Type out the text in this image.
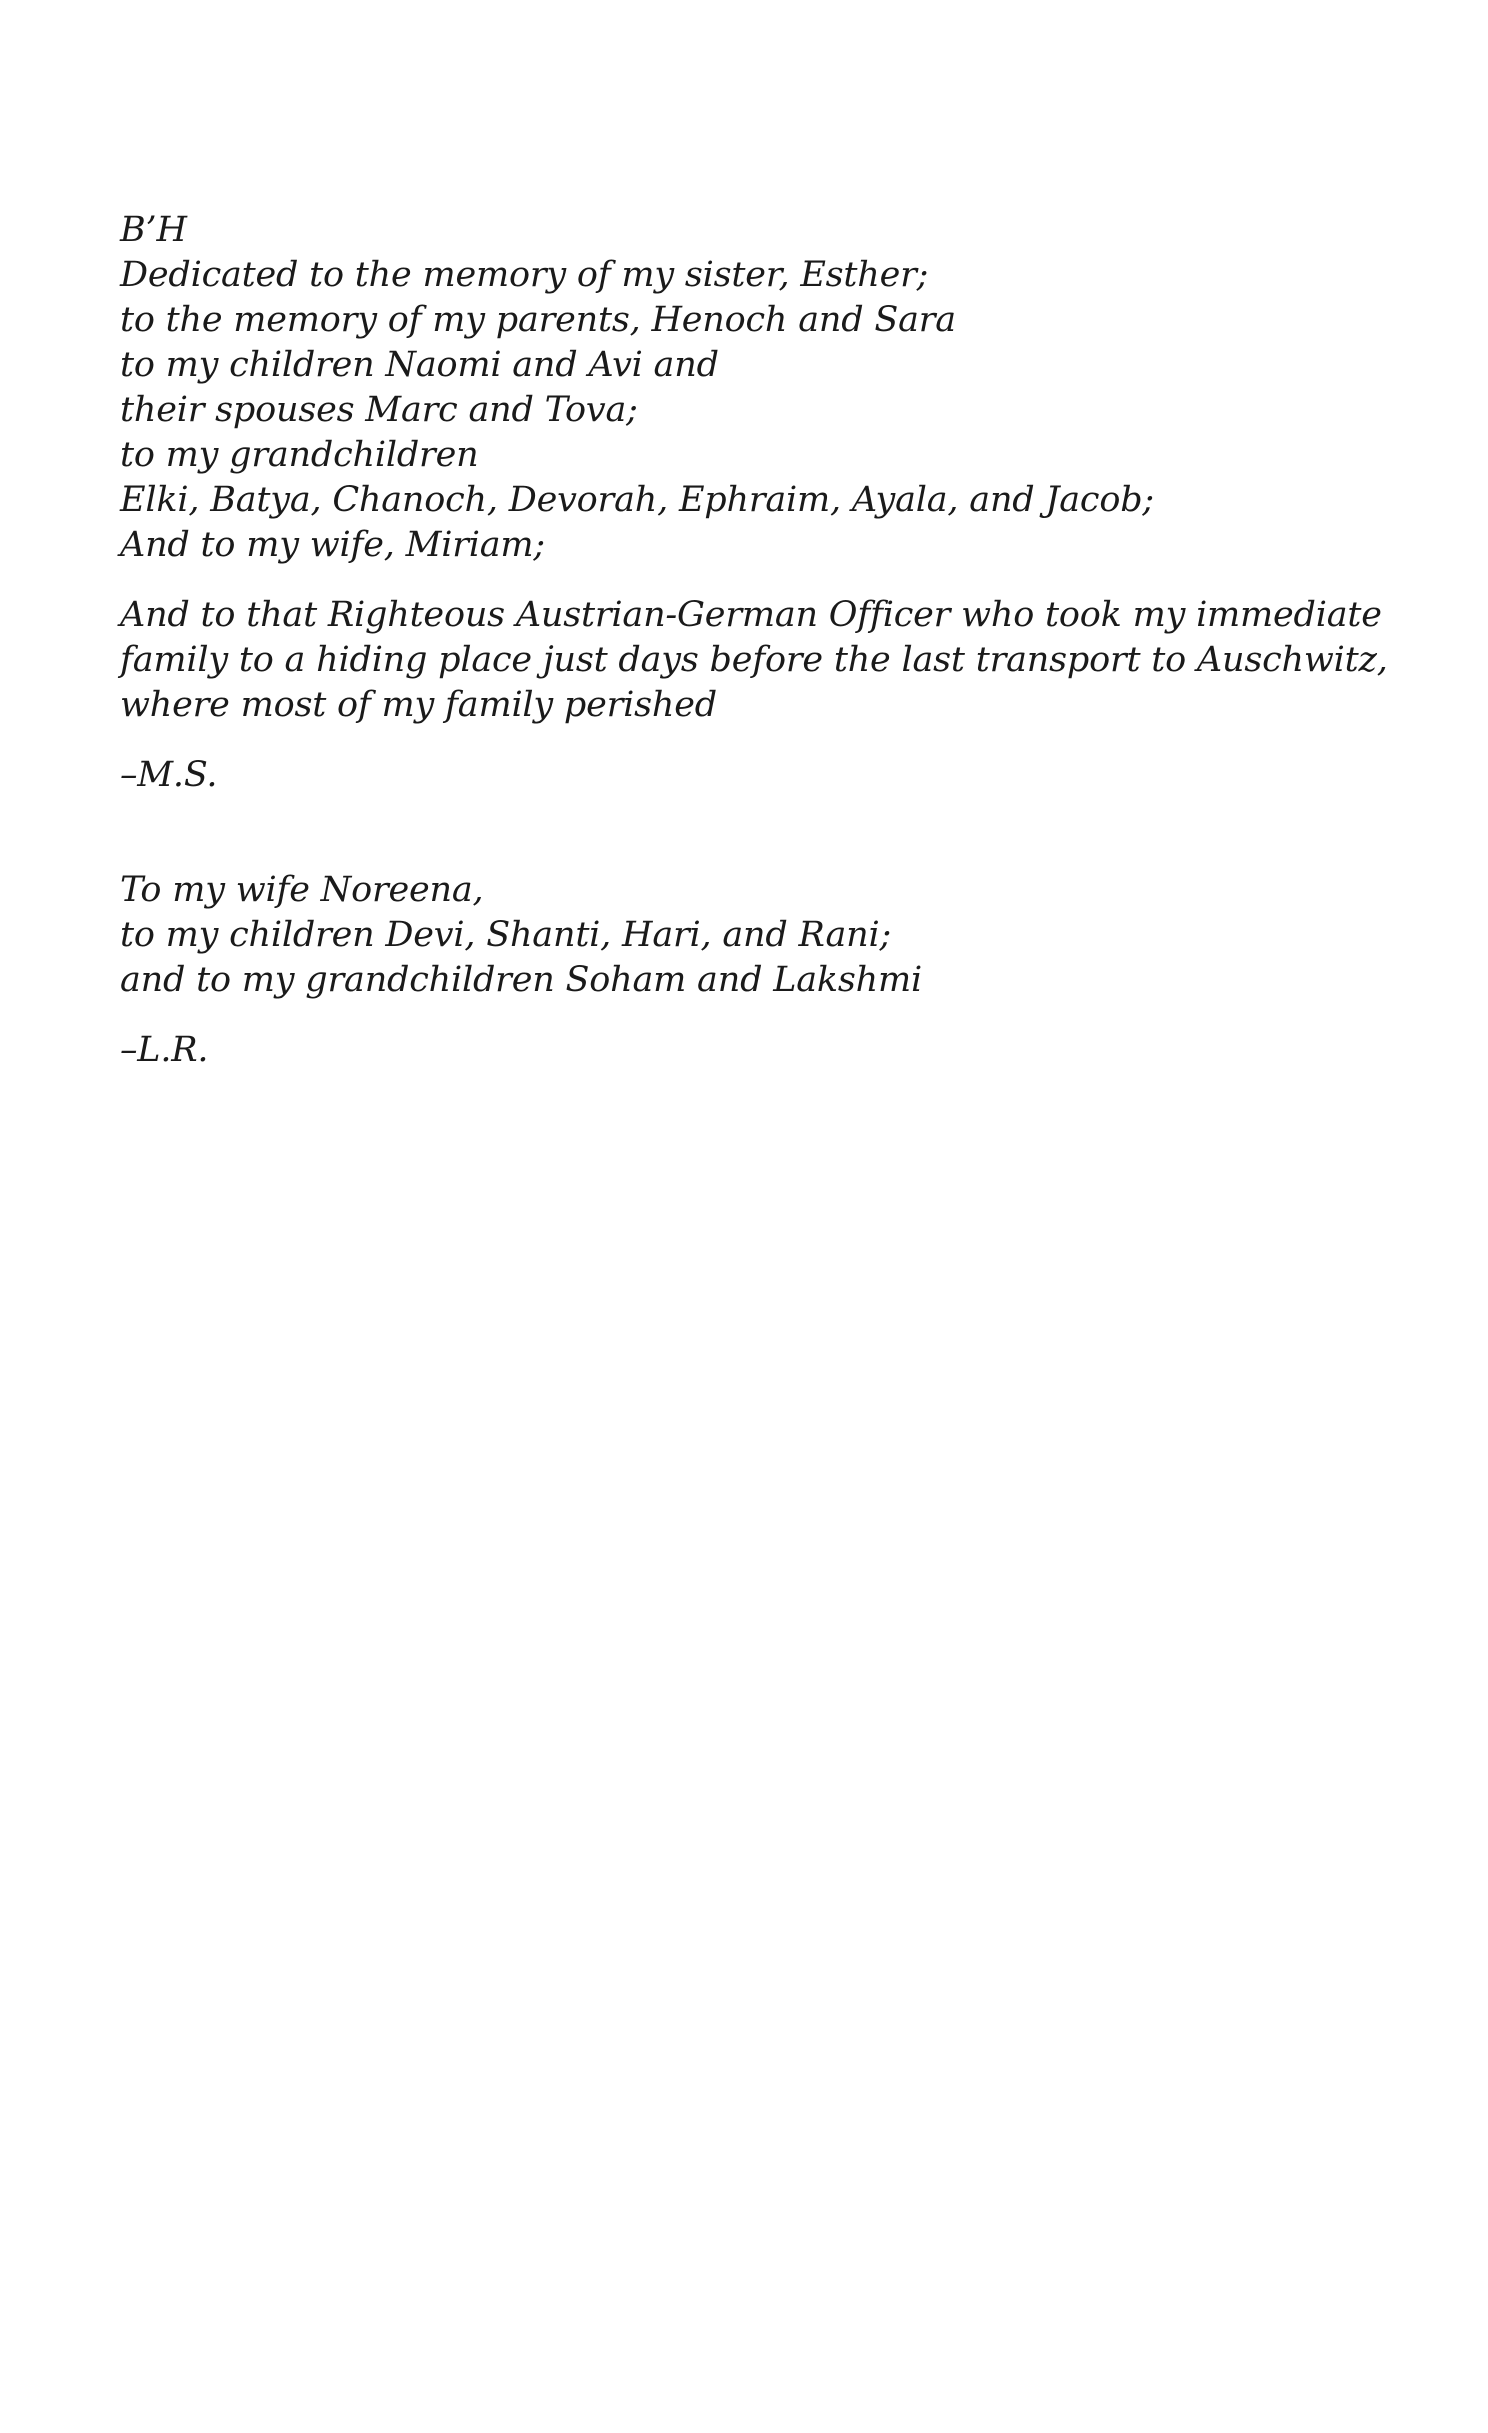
B’H
Dedicated to the memory of my sister, Esther;
to the memory of my parents, Henoch and Sara
to my children Naomi and Avi and
their spouses Marc and Tova;
to my grandchildren
Elki, Batya, Chanoch, Devorah, Ephraim, Ayala, and Jacob;
And to my wife, Miriam;
And to that Righteous Austrian-German Officer who took my immediate
family to a hiding place just days before the last transport to Auschwitz,
where most of my family perished
–M.S.
To my wife Noreena,
to my children Devi, Shanti, Hari, and Rani;
and to my grandchildren Soham and Lakshmi
–L.R.
